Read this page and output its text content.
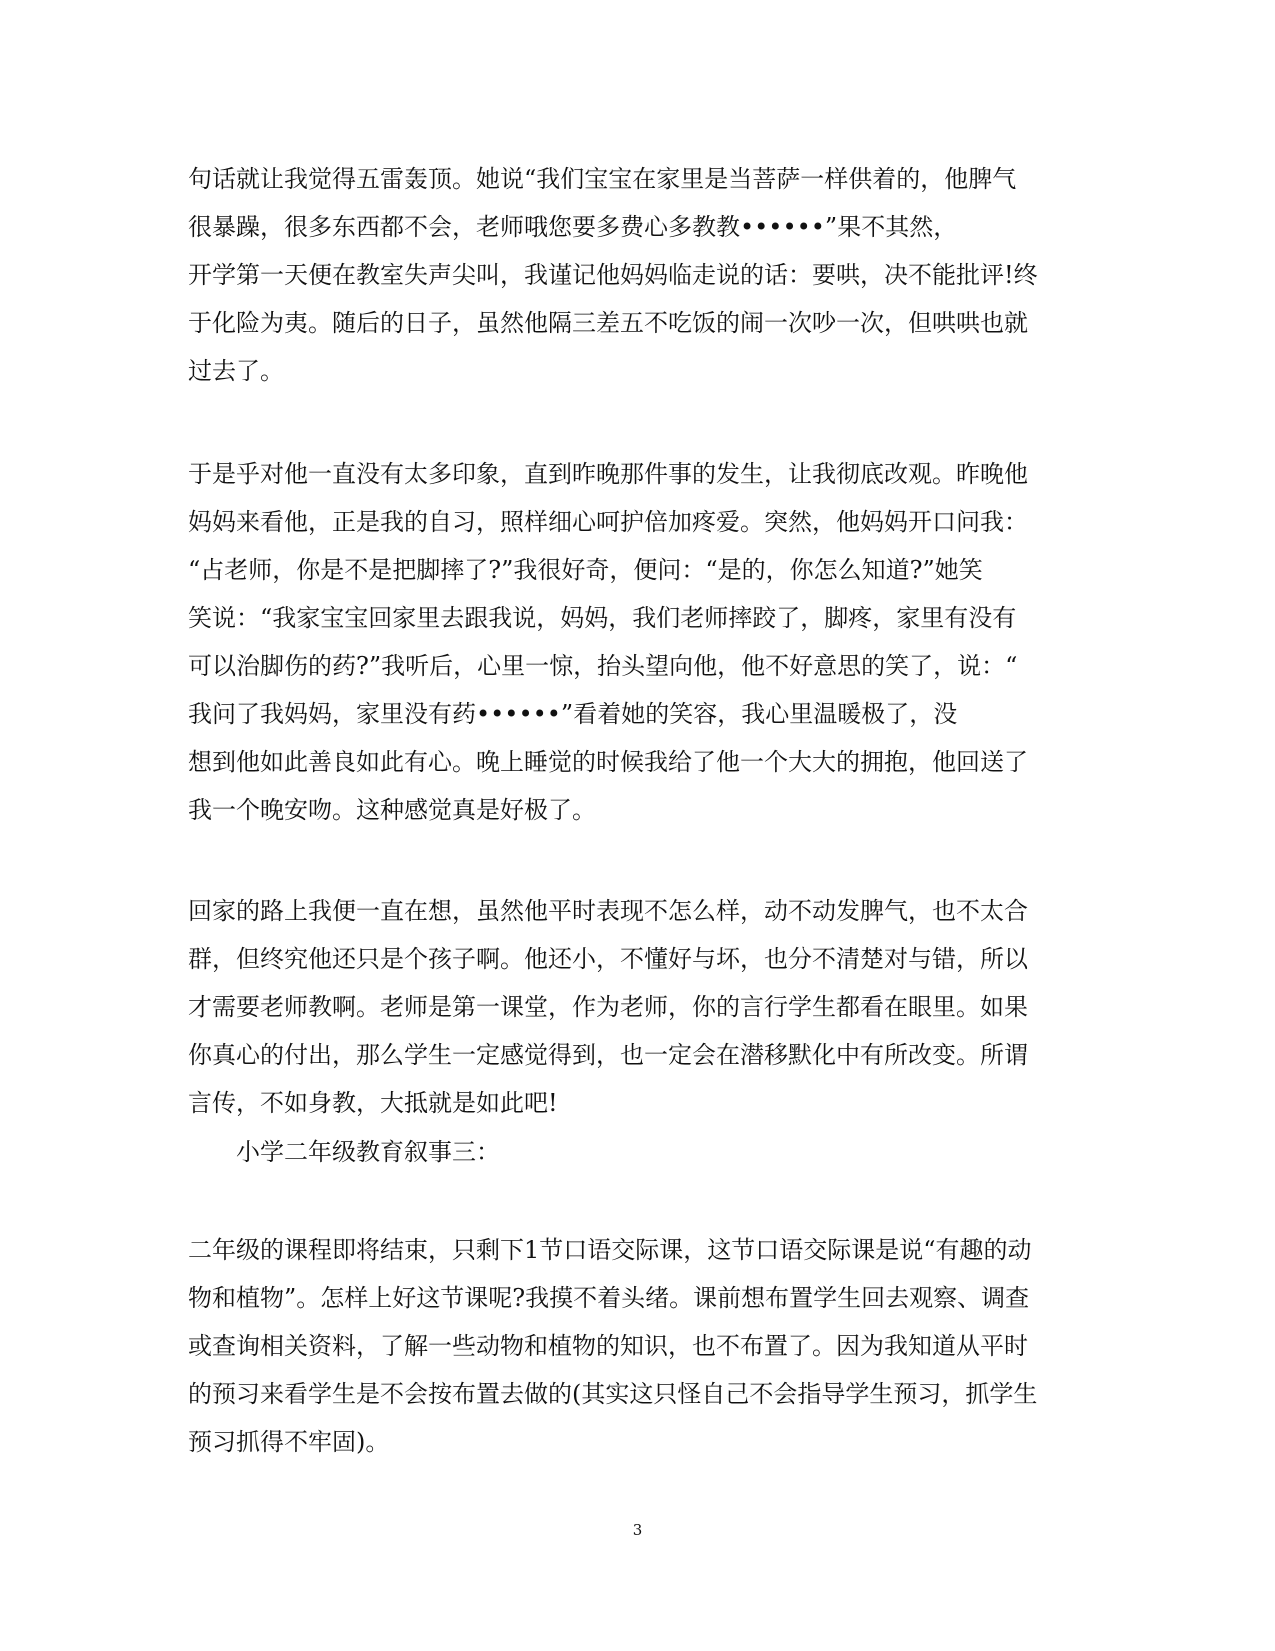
句话就让我觉得五雷轰顶。她说“我们宝宝在家里是当菩萨一样供着的，他脾气
很暴躁，很多东西都不会，老师哦您要多费心多教教••••••”果不其然，
开学第一天便在教室失声尖叫，我谨记他妈妈临走说的话：要哄，决不能批评!终
于化险为夷。随后的日子，虽然他隔三差五不吃饭的闹一次吵一次，但哄哄也就
过去了。
于是乎对他一直没有太多印象，直到昨晚那件事的发生，让我彻底改观。昨晚他
妈妈来看他，正是我的自习，照样细心呵护倍加疼爱。突然，他妈妈开口问我：
“占老师，你是不是把脚摔了?”我很好奇，便问：“是的，你怎么知道?”她笑
笑说：“我家宝宝回家里去跟我说，妈妈，我们老师摔跤了，脚疼，家里有没有
可以治脚伤的药?”我听后，心里一惊，抬头望向他，他不好意思的笑了，说：“
我问了我妈妈，家里没有药••••••”看着她的笑容，我心里温暖极了，没
想到他如此善良如此有心。晚上睡觉的时候我给了他一个大大的拥抱，他回送了
我一个晚安吻。这种感觉真是好极了。
回家的路上我便一直在想，虽然他平时表现不怎么样，动不动发脾气，也不太合
群，但终究他还只是个孩子啊。他还小，不懂好与坏，也分不清楚对与错，所以
才需要老师教啊。老师是第一课堂，作为老师，你的言行学生都看在眼里。如果
你真心的付出，那么学生一定感觉得到，也一定会在潜移默化中有所改变。所谓
言传，不如身教，大抵就是如此吧!
小学二年级教育叙事三：
二年级的课程即将结束，只剩下1节口语交际课，这节口语交际课是说“有趣的动
物和植物”。怎样上好这节课呢?我摸不着头绪。课前想布置学生回去观察、调查
或查询相关资料，了解一些动物和植物的知识，也不布置了。因为我知道从平时
的预习来看学生是不会按布置去做的(其实这只怪自己不会指导学生预习，抓学生
预习抓得不牢固)。
3
